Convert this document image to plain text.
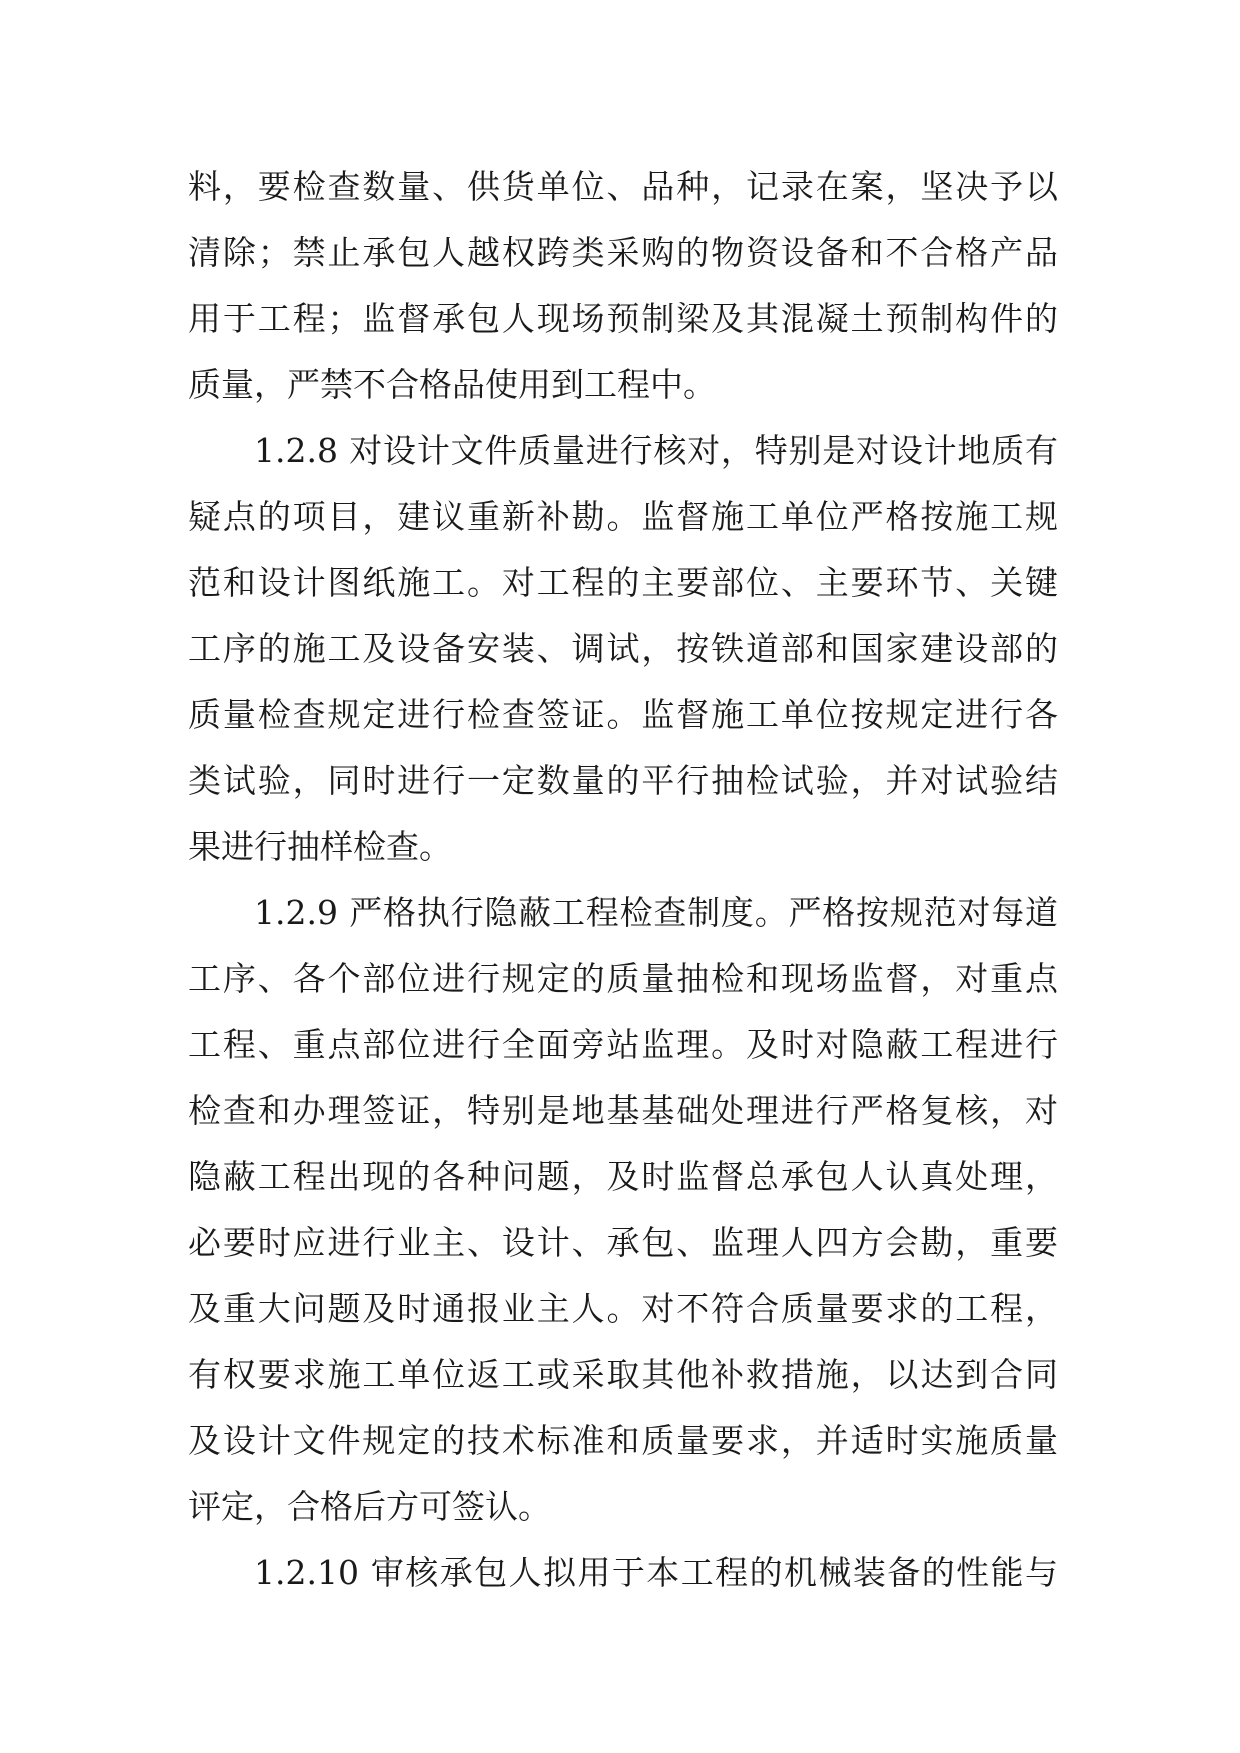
料，要检查数量、供货单位、品种，记录在案，坚决予以
清除；禁止承包人越权跨类采购的物资设备和不合格产品
用于工程；监督承包人现场预制梁及其混凝土预制构件的
质量，严禁不合格品使用到工程中。
1.2.8 对设计文件质量进行核对，特别是对设计地质有
疑点的项目，建议重新补勘。监督施工单位严格按施工规
范和设计图纸施工。对工程的主要部位、主要环节、关键
工序的施工及设备安装、调试，按铁道部和国家建设部的
质量检查规定进行检查签证。监督施工单位按规定进行各
类试验，同时进行一定数量的平行抽检试验，并对试验结
果进行抽样检查。
1.2.9 严格执行隐蔽工程检查制度。严格按规范对每道
工序、各个部位进行规定的质量抽检和现场监督，对重点
工程、重点部位进行全面旁站监理。及时对隐蔽工程进行
检查和办理签证，特别是地基基础处理进行严格复核，对
隐蔽工程出现的各种问题，及时监督总承包人认真处理，
必要时应进行业主、设计、承包、监理人四方会勘，重要
及重大问题及时通报业主人。对不符合质量要求的工程，
有权要求施工单位返工或采取其他补救措施，以达到合同
及设计文件规定的技术标准和质量要求，并适时实施质量
评定，合格后方可签认。
1.2.10 审核承包人拟用于本工程的机械装备的性能与
